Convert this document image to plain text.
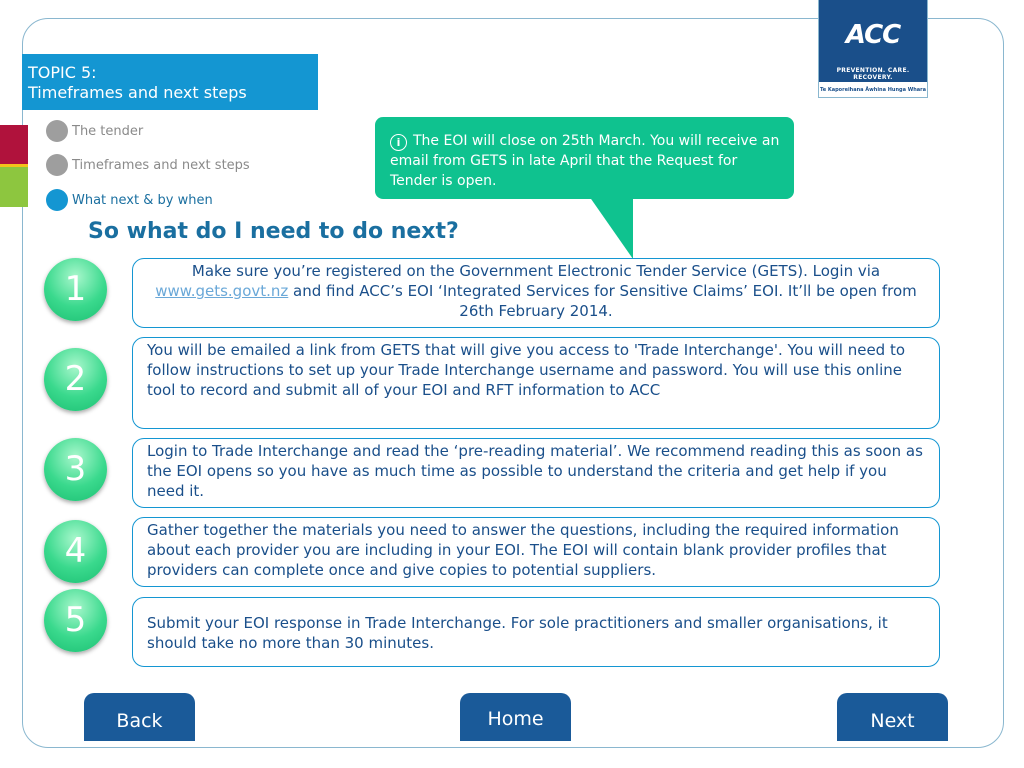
ACC
PREVENTION. CARE. RECOVERY.
Te Kaporeihana Āwhina Hunga Whara
TOPIC 5:
Timeframes and next steps
The tender
Timeframes and next steps
What next & by when
i The EOI will close on 25th March. You will receive an email from GETS in late April that the Request for Tender is open.
So what do I need to do next?
1	Make sure you’re registered on the Government Electronic Tender Service (GETS). Login via www.gets.govt.nz and find ACC’s EOI ‘Integrated Services for Sensitive Claims’ EOI. It’ll be open from 26th February 2014.
2
You will be emailed a link from GETS that will give you access to 'Trade Interchange'. You will need to follow instructions to set up your Trade Interchange username and password. You will use this online tool to record and submit all of your EOI and RFT information to ACC
3	Login to Trade Interchange and read the ‘pre-reading material’. We recommend reading this as soon as the EOI opens so you have as much time as possible to understand the criteria and get help if you need it.
4
Gather together the materials you need to answer the questions, including the required information about each provider you are including in your EOI. The EOI will contain blank provider profiles that providers can complete once and give copies to potential suppliers.
5	Submit your EOI response in Trade Interchange. For sole practitioners and smaller organisations, it should take no more than 30 minutes.
Back	Home	Next
